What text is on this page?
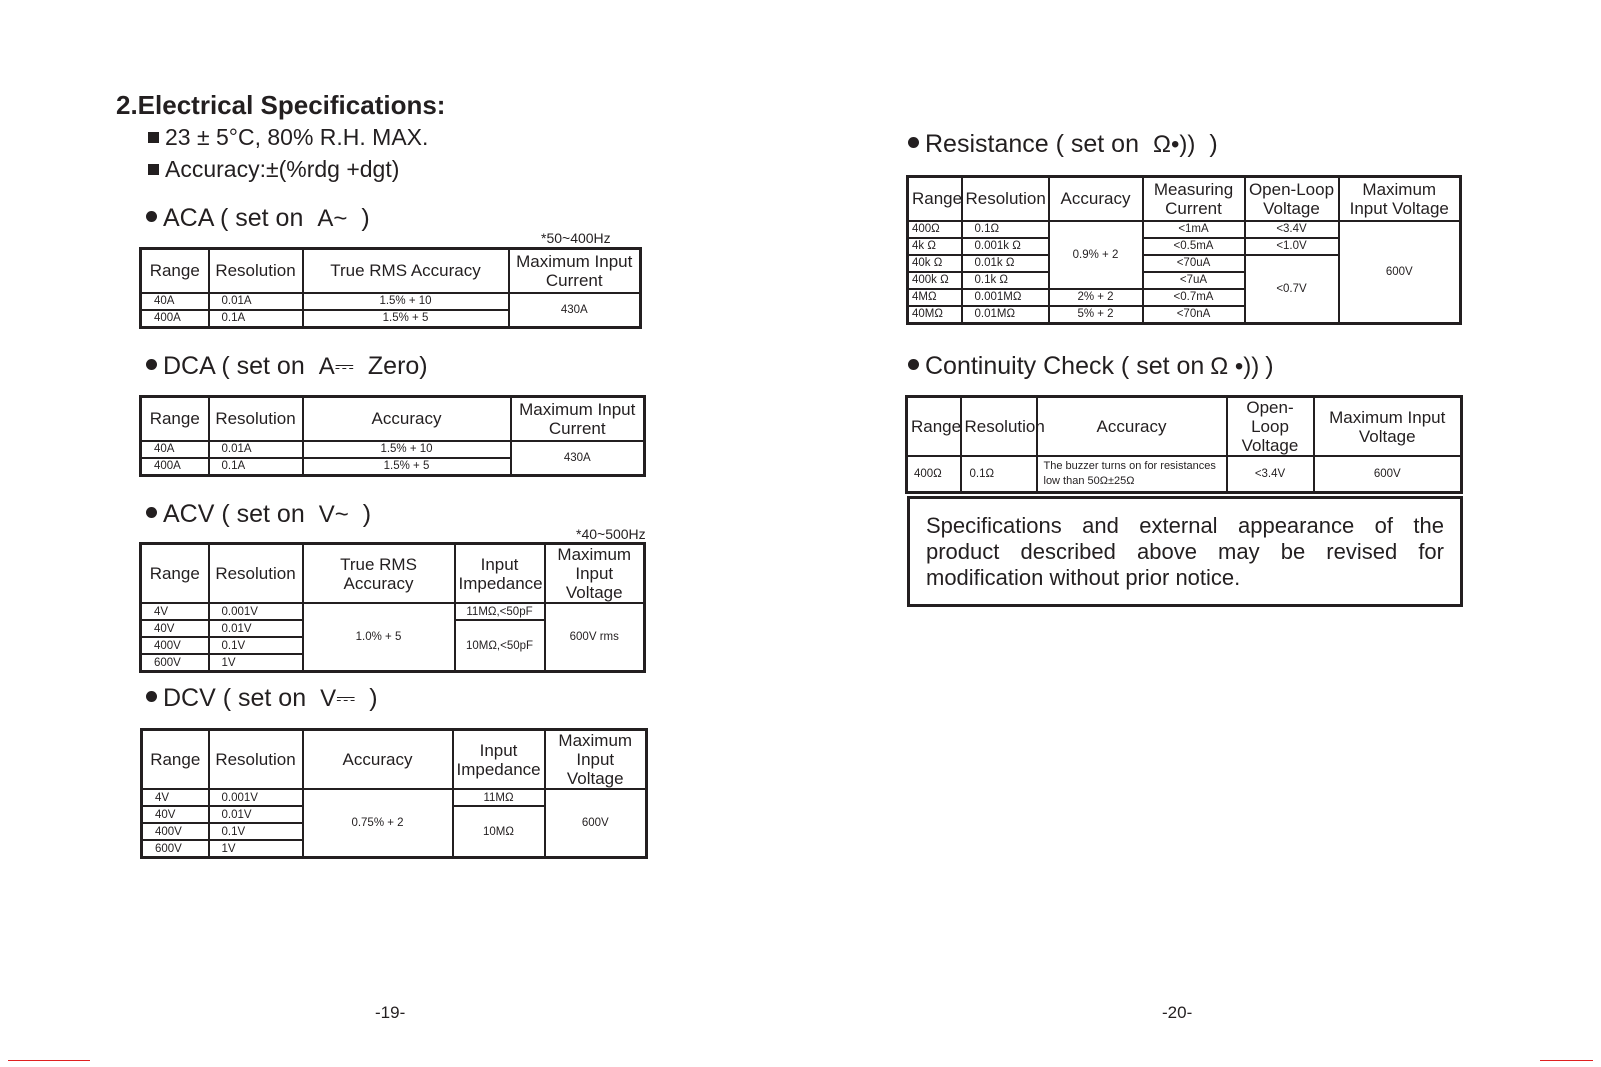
2.Electrical Specifications:
23 ± 5°C, 80% R.H. MAX.
Accuracy:±(%rdg +dgt)
ACA ( set on A~ )
*50~400Hz
Range	Resolution	True RMS Accuracy	Maximum Input Current
40A	0.01A	1.5% + 10	430A
400A	0.1A	1.5% + 5	
DCA ( set on A⎓ Zero)
Range	Resolution	Accuracy	Maximum Input Current
40A	0.01A	1.5% + 10	430A
400A	0.1A	1.5% + 5	
ACV ( set on V~ )
*40~500Hz
Range	Resolution	True RMS Accuracy	Input Impedance	Maximum Input Voltage
4V	0.001V	1.0% + 5	11MΩ,<50pF	600V rms
40V	0.01V		10MΩ,<50pF	
400V	0.1V			
600V	1V			
DCV ( set on V⎓ )
Range	Resolution	Accuracy	Input Impedance	Maximum Input Voltage
4V	0.001V	0.75% + 2	11MΩ	600V
40V	0.01V		10MΩ	
400V	0.1V			
600V	1V			
Resistance ( set on Ω•)) )
Range	Resolution	Accuracy	Measuring Current	Open-Loop Voltage	Maximum Input Voltage
400Ω	0.1Ω	0.9% + 2	<1mA	<3.4V	600V
4k Ω	0.001k Ω		<0.5mA	<1.0V	
40k Ω	0.01k Ω		<70uA	<0.7V	
400k Ω	0.1k Ω		<7uA		
4MΩ	0.001MΩ	2% + 2	<0.7mA		
40MΩ	0.01MΩ	5% + 2	<70nA		
Continuity Check ( set on Ω •)) )
Range	Resolution	Accuracy	Open-Loop Voltage	Maximum Input Voltage
400Ω	0.1Ω	The buzzer turns on for resistances
low than 50Ω±25Ω	<3.4V	600V
Specifications and external appearance of the product described above may be revised for modification without prior notice.
-19-	-20-
